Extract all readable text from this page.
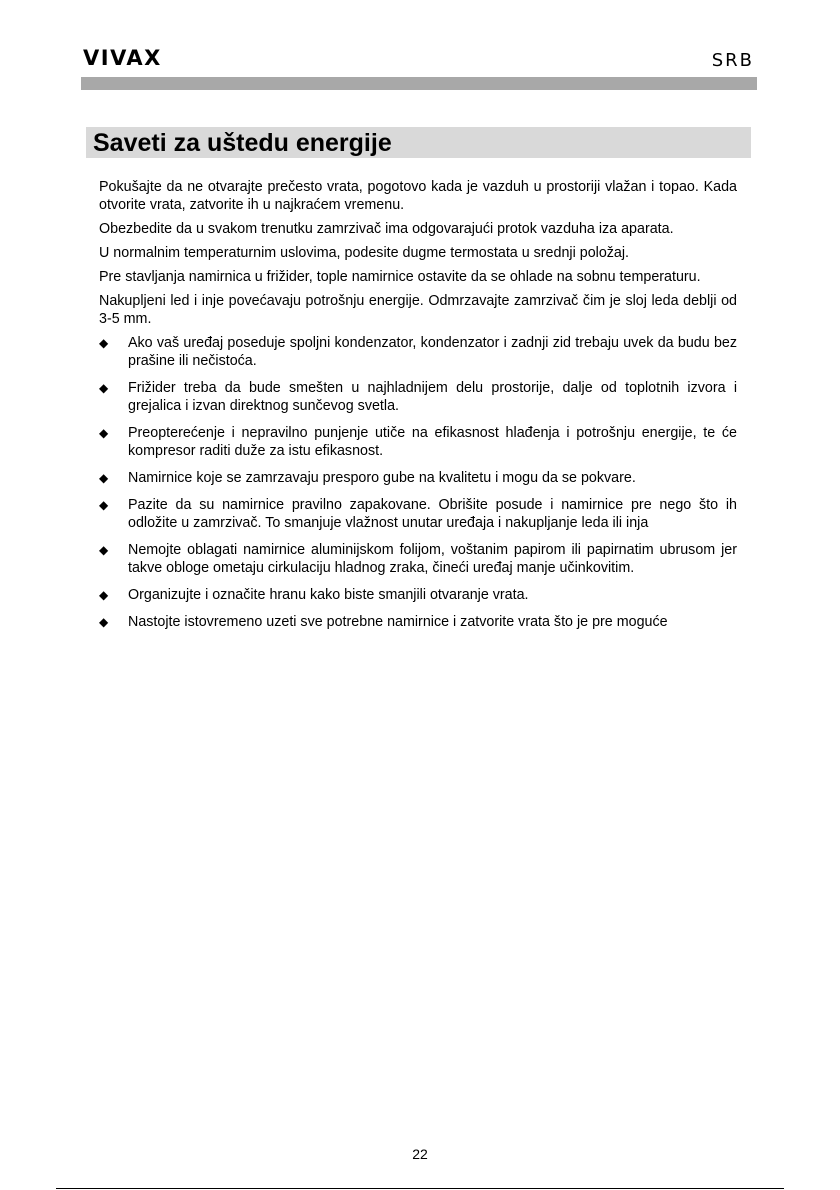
VIVAX	SRB
Saveti za uštedu energije

Pokušajte da ne otvarajte prečesto vrata, pogotovo kada je vazduh u prostoriji vlažan i topao. Kada otvorite vrata, zatvorite ih u najkraćem vremenu.

Obezbedite da u svakom trenutku zamrzivač ima odgovarajući protok vazduha iza aparata.

U normalnim temperaturnim uslovima, podesite dugme termostata u srednji položaj.

Pre stavljanja namirnica u frižider, tople namirnice ostavite da se ohlade na sobnu temperaturu.

Nakupljeni led i inje povećavaju potrošnju energije. Odmrzavajte zamrzivač čim je sloj leda deblji od 3-5 mm.

◆ Ako vaš uređaj poseduje spoljni kondenzator, kondenzator i zadnji zid trebaju uvek da budu bez prašine ili nečistoća.
◆ Frižider treba da bude smešten u najhladnijem delu prostorije, dalje od toplotnih izvora i grejalica i izvan direktnog sunčevog svetla.
◆ Preopterećenje i nepravilno punjenje utiče na efikasnost hlađenja i potrošnju energije, te će kompresor raditi duže za istu efikasnost.
◆ Namirnice koje se zamrzavaju presporo gube na kvalitetu i mogu da se pokvare.
◆ Pazite da su namirnice pravilno zapakovane. Obrišite posude i namirnice pre nego što ih odložite u zamrzivač. To smanjuje vlažnost unutar uređaja i nakupljanje leda ili inja
◆ Nemojte oblagati namirnice aluminijskom folijom, voštanim papirom ili papirnatim ubrusom jer takve obloge ometaju cirkulaciju hladnog zraka, čineći uređaj manje učinkovitim.
◆ Organizujte i označite hranu kako biste smanjili otvaranje vrata.
◆ Nastojte istovremeno uzeti sve potrebne namirnice i zatvorite vrata što je pre moguće
22
